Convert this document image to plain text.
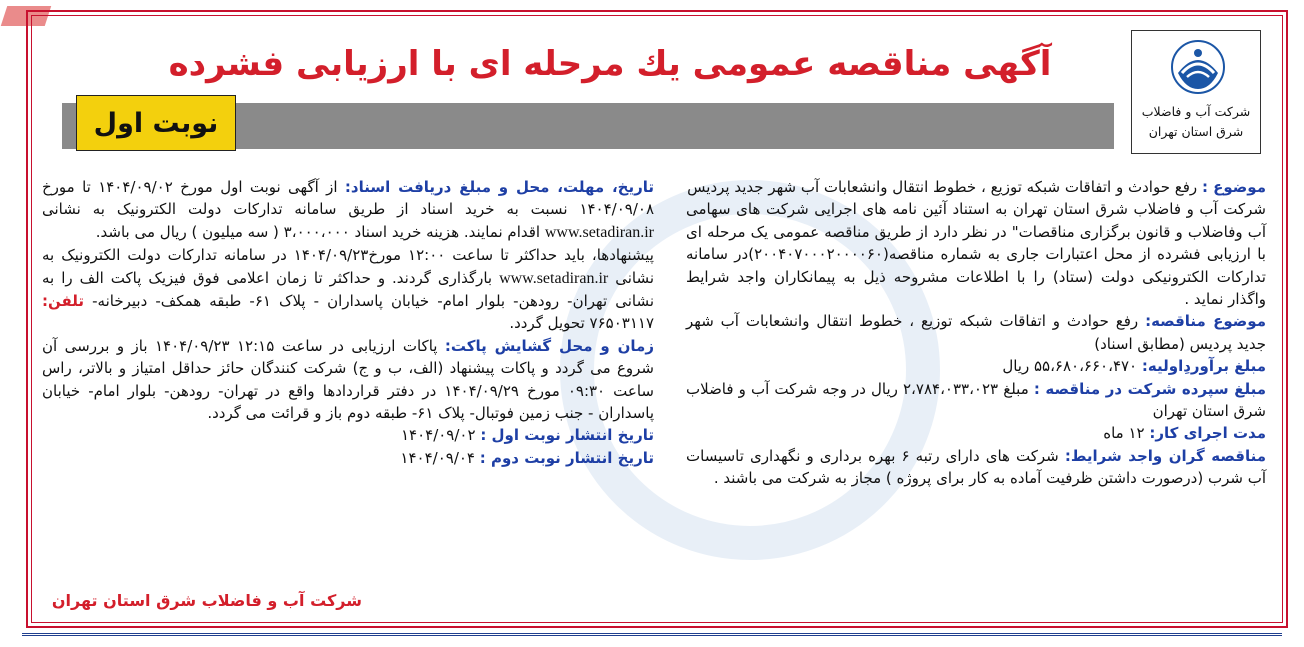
شرکت آب و فاضلاب
شرق استان تهران
آگهی مناقصه عمومی يك مرحله ای با ارزیابی فشرده
نوبت اول

موضوع : رفع حوادث و اتفاقات شبكه توزیع ، خطوط انتقال وانشعابات آب شهر جدید پردیس

شرکت آب و فاضلاب شرق استان تهران به استناد آئین نامه های اجرایی شرکت های سهامی آب وفاضلاب و قانون برگزاری مناقصات" در نظر دارد از طریق مناقصه عمومی یک مرحله ای با ارزیابی فشرده از محل اعتبارات جاری به شماره مناقصه(۲۰۰۴۰۷۰۰۰۲۰۰۰۰۶۰)در سامانه تدارکات الکترونیکی دولت (ستاد) را با اطلاعات مشروحه ذیل به پیمانکاران واجد شرایط واگذار نماید .

موضوع مناقصه: رفع حوادث و اتفاقات شبكه توزیع ، خطوط انتقال وانشعابات آب شهر جدید پردیس (مطابق اسناد)

مبلغ برآوردِاولیه: ۵۵،۶۸۰،۶۶۰،۴۷۰ ریال

مبلغ سپرده شرکت در مناقصه : مبلغ ۲،۷۸۴،۰۳۳،۰۲۳ ریال در وجه شرکت آب و فاضلاب شرق استان تهران

مدت اجرای کار: ۱۲ ماه

مناقصه گران واجد شرایط: شرکت های دارای رتبه ۶ بهره برداری و نگهداری تاسیسات آب شرب (درصورت داشتن ظرفیت آماده به کار برای پروژه ) مجاز به شرکت می باشند .

تاریخ، مهلت، محل و مبلغ دریافت اسناد: از آگهی نوبت اول مورخ ۱۴۰۴/۰۹/۰۲ تا مورخ ۱۴۰۴/۰۹/۰۸ نسبت به خرید اسناد از طریق سامانه تدارکات دولت الکترونیک به نشانی www.setadiran.ir اقدام نمایند. هزینه خرید اسناد ۳،۰۰۰،۰۰۰ ( سه میلیون ) ریال می باشد.

پیشنهادها، باید حداکثر تا ساعت ۱۲:۰۰ مورخ۱۴۰۴/۰۹/۲۳ در سامانه تدارکات دولت الکترونیک به نشانی www.setadiran.ir بارگذاری گردند. و حداکثر تا زمان اعلامی فوق فیزیک پاکت الف را به نشانی تهران- رودهن- بلوار امام- خیابان پاسداران - پلاک ۶۱- طبقه همکف- دبیرخانه- تلفن: ۷۶۵۰۳۱۱۷ تحویل گردد.

زمان و محل گشایش پاکت: پاکات ارزیابی در ساعت ۱۲:۱۵ ۱۴۰۴/۰۹/۲۳ باز و بررسی آن شروع می گردد و پاکات پیشنهاد (الف، ب و ج) شرکت کنندگان حائز حداقل امتیاز و بالاتر، راس ساعت ۰۹:۳۰ مورخ ۱۴۰۴/۰۹/۲۹ در دفتر قراردادها واقع در تهران- رودهن- بلوار امام- خیابان پاسداران - جنب زمین فوتبال- پلاک ۶۱- طبقه دوم باز و قرائت می گردد.

تاریخ انتشار نوبت اول : ۱۴۰۴/۰۹/۰۲

تاریخ انتشار نوبت دوم : ۱۴۰۴/۰۹/۰۴

شرکت آب و فاضلاب شرق استان تهران
